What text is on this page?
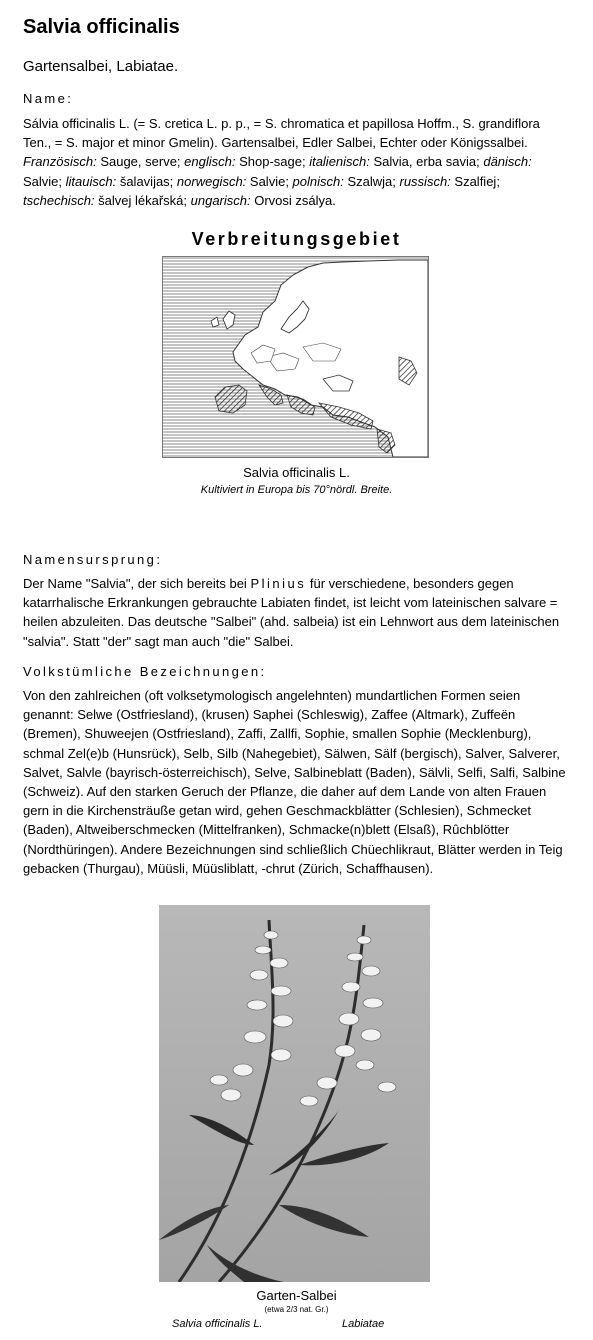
Salvia officinalis
Gartensalbei, Labiatae.
Name:

Sálvia officinalis L. (= S. cretica L. p. p., = S. chromatica et papillosa Hoffm., S. grandiflora Ten., = S. major et minor Gmelin). Gartensalbei, Edler Salbei, Echter oder Königssalbei. Französisch: Sauge, serve; englisch: Shop-sage; italienisch: Salvia, erba savia; dänisch: Salvie; litauisch: šalavijas; norwegisch: Salvie; polnisch: Szalwja; russisch: Szalfiej; tschechisch: šalvej lékařská; ungarisch: Orvosi zsálya.

Verbreitungsgebiet
Salvia officinalis L.
Kultiviert in Europa bis 70°nördl. Breite.
Namensursprung:

Der Name "Salvia", der sich bereits bei Plinius für verschiedene, besonders gegen katarrhalische Erkrankungen gebrauchte Labiaten findet, ist leicht vom lateinischen salvare = heilen abzuleiten. Das deutsche "Salbei" (ahd. salbeia) ist ein Lehnwort aus dem lateinischen "salvia". Statt "der" sagt man auch "die" Salbei.

Volkstümliche Bezeichnungen:

Von den zahlreichen (oft volksetymologisch angelehnten) mundartlichen Formen seien genannt: Selwe (Ostfriesland), (krusen) Saphei (Schleswig), Zaffee (Altmark), Zuffeën (Bremen), Shuweejen (Ostfriesland), Zaffi, Zallfi, Sophie, smallen Sophie (Mecklenburg), schmal Zel(e)b (Hunsrück), Selb, Silb (Nahegebiet), Sälwen, Sälf (bergisch), Salver, Salverer, Salvet, Salvle (bayrisch-österreichisch), Selve, Salbineblatt (Baden), Sälvli, Selfi, Salfi, Salbine (Schweiz). Auf den starken Geruch der Pflanze, die daher auf dem Lande von alten Frauen gern in die Kirchensträuße getan wird, gehen Geschmackblätter (Schlesien), Schmecket (Baden), Altweiberschmecken (Mittelfranken), Schmacke(n)blett (Elsaß), Rûchblötter (Nordthüringen). Andere Bezeichnungen sind schließlich Chüechlikraut, Blätter werden in Teig gebacken (Thurgau), Müüsli, Müüsliblatt, -chrut (Zürich, Schaffhausen).

Garten-Salbei
(etwa 2/3 nat. Gr.)
Salvia officinalis L.	Labiatae
